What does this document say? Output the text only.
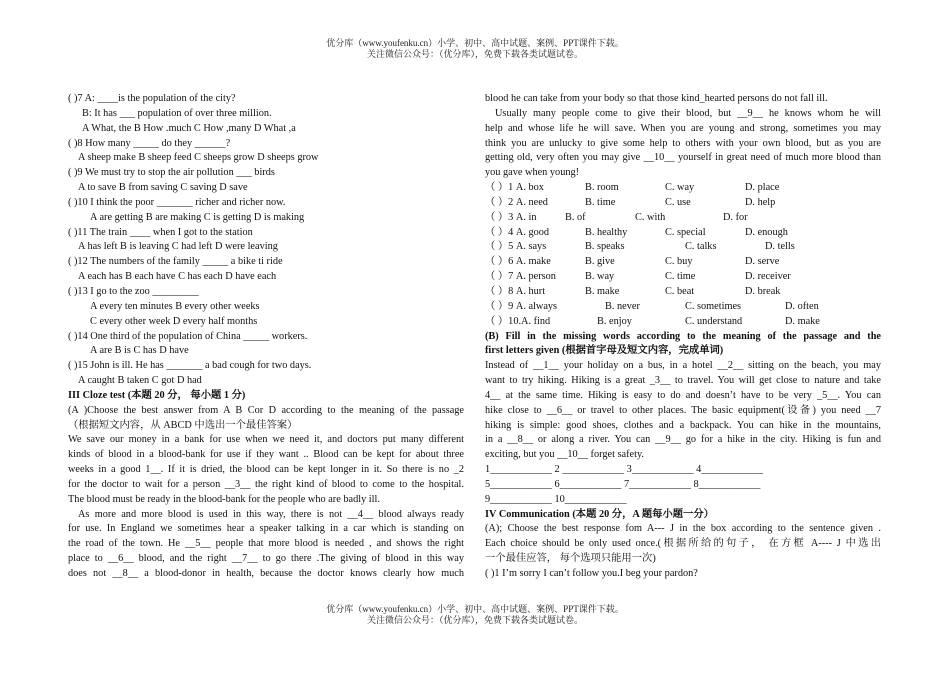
优分库（www.youfenku.cn）小学、初中、高中试题、案例、PPT课件下载。
关注微信公众号：（优分库），免费下载各类试题试卷。
( )7 A: ____is the population of the city?
B: It has ___ population of over three million.
A What, the B How .much C How ,many D What ,a
( )8 How many _____ do they ______?
A sheep make B sheep feed C sheeps grow D sheeps grow
( )9 We must try to stop the air pollution ___ birds
A to save B from saving C saving D save
( )10 I think the poor _______ richer and richer now.
A are getting B are making C is getting D is making
( )11 The train ____ when I got to the station
A has left B is leaving C had left D were leaving
( )12 The numbers of the family _____ a bike ti ride
A each has B each have C has each D have each
( )13 I go to the zoo _________
A every ten minutes B every other weeks
C every other week D every half months
( )14 One third of the population of China _____ workers.
A are B is C has D have
( )15 John is ill. He has _______ a bad cough for two days.
A caught B taken C got D had
III Cloze test (本题 20 分， 每小题 1 分)
(A )Choose the best answer from A B Cor D according to the meaning of the passage
（根据短文内容，从 ABCD 中选出一个最佳答案）
We save our money in a bank for use when we need it, and doctors put many different
kinds of blood in a blood-bank for use if they want .. Blood can be kept for about three
weeks in a good 1__. If it is dried, the blood can be kept longer in it. So there is no _2
for the doctor to wait for a person __3__ the right kind of blood to come to the hospital.
The blood must be ready in the blood-bank for the people who are badly ill.
As more and more blood is used in this way, there is not __4__ blood always ready
for use. In England we sometimes hear a speaker talking in a car which is standing on
the road of the town. He __5__ people that more blood is needed , and shows the right
place to __6__ blood, and the right __7__ to go there .The giving of blood in this way
does not __8__ a blood-donor in health, because the doctor knows clearly how much
blood he can take from your body so that those kind_hearted persons do not fall ill.
Usually many people come to give their blood, but __9__ he knows whom he will
help and whose life he will save. When you are young and strong, sometimes you may
think you are unlucky to give some help to others with your own blood, but as you are
getting old, very often you may give __10__ yourself in great need of much more blood than
you gave when young!
（ ）1 A. box	B. room	C. way	D. place
（ ）2 A. need	B. time	C. use	D. help
（ ）3 A. in	B. of	C. with	D. for
（ ）4 A. good	B. healthy	C. special	D. enough
（ ）5 A. says	B. speaks	C. talks	D. tells
（ ）6 A. make	B. give	C. buy	D. serve
（ ）7 A. person	B. way	C. time	D. receiver
（ ）8 A. hurt	B. make	C. beat	D. break
（ ）9 A. always	B. never	C. sometimes	D. often
（ ）10.A. find	B. enjoy	C. understand	D. make
(B) Fill in the missing words according to the meaning of the passage and the
first letters given (根据首字母及短文内容，完成单词)
Instead of __1__ your holiday on a bus, in a hotel __2__ sitting on the beach, you may
want to try hiking. Hiking is a great _3__ to travel. You will get close to nature and take
4__ at the same time. Hiking is easy to do and doesn’t have to be very _5__. You can
hike close to __6__ or travel to other places. The basic equipment(设备) you need __7
hiking is simple: good shoes, clothes and a backpack. You can hike in the mountains,
in a __8__ or along a river. You can __9__ go for a hike in the city. Hiking is fun and
exciting, but you __10__ forget safety.
1____________ 2 ____________ 3____________ 4____________
5____________ 6____________ 7____________ 8____________
9____________ 10____________
IV Communication (本题 20 分，A 题每小题一分）
(A); Choose the best response fom A--- J in the box according to the sentence given .
Each choice should be only used once.(根据所给的句子， 在方框 A---- J 中选出
一个最佳应答， 每个选项只能用一次)
( )1 I’m sorry I can’t follow you.I beg your pardon?
优分库（www.youfenku.cn）小学、初中、高中试题、案例、PPT课件下载。
关注微信公众号：（优分库），免费下载各类试题试卷。
